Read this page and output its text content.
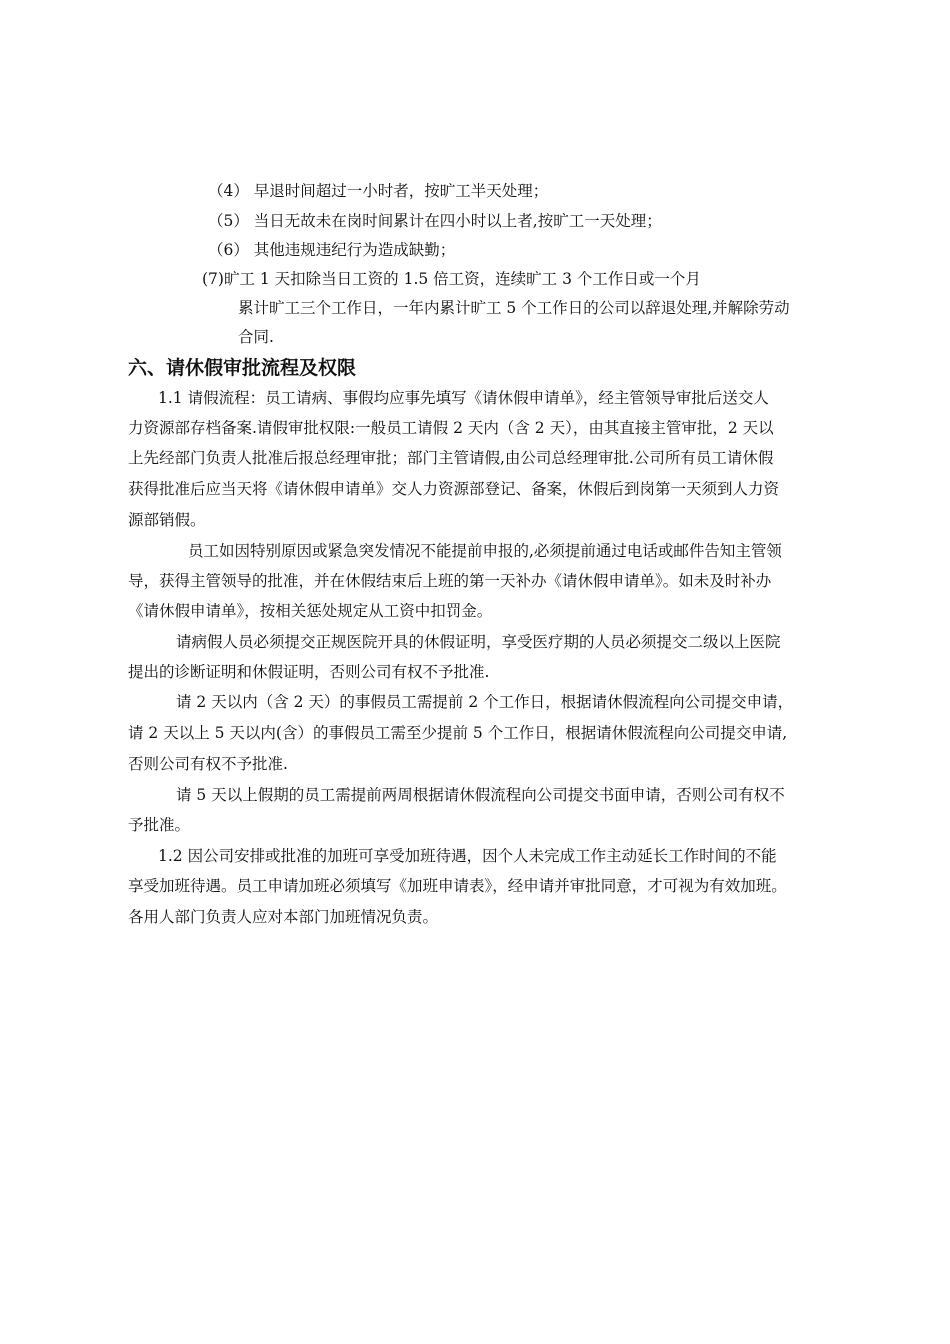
（4） 早退时间超过一小时者，按旷工半天处理；
（5） 当日无故未在岗时间累计在四小时以上者,按旷工一天处理；
（6） 其他违规违纪行为造成缺勤；
(7)旷工 1 天扣除当日工资的 1.5 倍工资，连续旷工 3 个工作日或一个月
累计旷工三个工作日，一年内累计旷工 5 个工作日的公司以辞退处理,并解除劳动
合同.
六、请休假审批流程及权限
1.1 请假流程：员工请病、事假均应事先填写《请休假申请单》，经主管领导审批后送交人
力资源部存档备案.请假审批权限:一般员工请假 2 天内（含 2 天），由其直接主管审批，2 天以
上先经部门负责人批准后报总经理审批；部门主管请假,由公司总经理审批.公司所有员工请休假
获得批准后应当天将《请休假申请单》交人力资源部登记、备案，休假后到岗第一天须到人力资
源部销假。
员工如因特别原因或紧急突发情况不能提前申报的,必须提前通过电话或邮件告知主管领
导，获得主管领导的批准，并在休假结束后上班的第一天补办《请休假申请单》。如未及时补办
《请休假申请单》，按相关惩处规定从工资中扣罚金。
请病假人员必须提交正规医院开具的休假证明，享受医疗期的人员必须提交二级以上医院
提出的诊断证明和休假证明，否则公司有权不予批准.
请 2 天以内（含 2 天）的事假员工需提前 2 个工作日，根据请休假流程向公司提交申请，
请 2 天以上 5 天以内(含）的事假员工需至少提前 5 个工作日，根据请休假流程向公司提交申请,
否则公司有权不予批准.
请 5 天以上假期的员工需提前两周根据请休假流程向公司提交书面申请，否则公司有权不
予批准。
1.2 因公司安排或批准的加班可享受加班待遇，因个人未完成工作主动延长工作时间的不能
享受加班待遇。员工申请加班必须填写《加班申请表》，经申请并审批同意，才可视为有效加班。
各用人部门负责人应对本部门加班情况负责。
